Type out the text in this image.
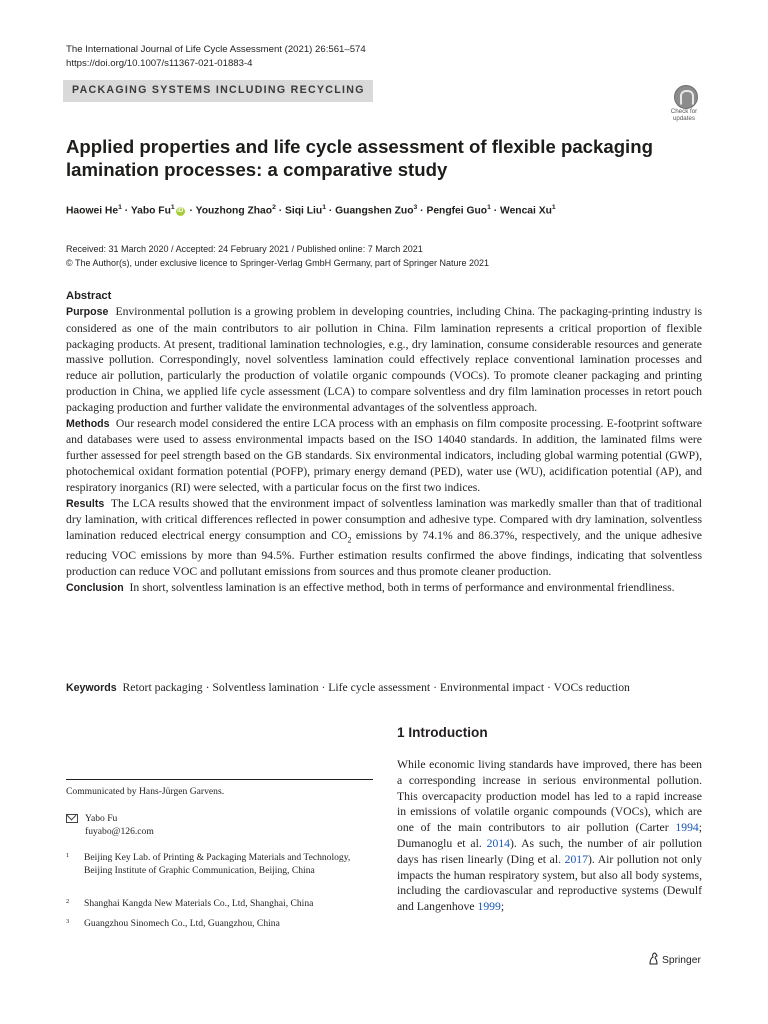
The International Journal of Life Cycle Assessment (2021) 26:561–574
https://doi.org/10.1007/s11367-021-01883-4
PACKAGING SYSTEMS INCLUDING RECYCLING
Check for updates
Applied properties and life cycle assessment of flexible packaging lamination processes: a comparative study
Haowei $He^1$ · Yabo $Fu^1iD$ · Youzhong Zhao$^2$ · Siqi Liu$^1$ · Guangshen Zuo$^3$ · Pengfei Guo$^1$ · Wencai Xu$^1$
Received: 31 March 2020 / Accepted: 24 February 2021 / Published online: 7 March 2021
© The Author(s), under exclusive licence to Springer-Verlag GmbH Germany, part of Springer Nature 2021
Abstract

Purpose Environmental pollution is a growing problem in developing countries, including China. The packaging-printing industry is considered as one of the main contributors to air pollution in China. Film lamination represents a critical proportion of flexible packaging products. At present, traditional lamination technologies, e.g., dry lamination, consume considerable resources and generate massive pollution. Correspondingly, novel solventless lamination could effectively replace conventional lamination processes and reduce air pollution, particularly the production of volatile organic compounds (VOCs). To promote cleaner packaging and printing production in China, we applied life cycle assessment (LCA) to compare solventless and dry film lamination processes in retort pouch packaging production and further validate the environmental advantages of the solventless approach.

Methods Our research model considered the entire LCA process with an emphasis on film composite processing. E-footprint software and databases were used to assess environmental impacts based on the ISO 14040 standards. In addition, the laminated films were further assessed for peel strength based on the GB standards. Six environmental indicators, including global warming potential (GWP), photochemical oxidant formation potential (POFP), primary energy demand (PED), water use (WU), acidification potential (AP), and respiratory inorganics (RI) were selected, with a particular focus on the first two indices.

Results The LCA results showed that the environment impact of solventless lamination was markedly smaller than that of traditional dry lamination, with critical differences reflected in power consumption and adhesive type. Compared with dry lamination, solventless lamination reduced electrical energy consumption and $CO_2$ emissions by 74.1% and 86.37%, respectively, and the unique adhesive reducing VOC emissions by more than 94.5%. Further estimation results confirmed the above findings, indicating that solventless production can reduce VOC and pollutant emissions from sources and thus promote cleaner production.

Conclusion In short, solventless lamination is an effective method, both in terms of performance and environmental friendliness.

Keywords Retort packaging · Solventless lamination · Life cycle assessment · Environmental impact · VOCs reduction
1 Introduction
While economic living standards have improved, there has been a corresponding increase in serious environmental pollution. This overcapacity production model has led to a rapid increase in emissions of volatile organic compounds (VOCs), which are one of the main contributors to air pollution (Carter 1994; Dumanoglu et al. 2014). As such, the number of air pollution days has risen linearly (Ding et al. 2017). Air pollution not only impacts the human respiratory system, but also all body systems, including the cardiovascular and reproductive systems (Dewulf and Langenhove 1999;
Communicated by Hans-Jürgen Garvens.
Yabo Fu
fuyabo@126.com
1 Beijing Key Lab. of Printing & Packaging Materials and Technology, Beijing Institute of Graphic Communication, Beijing, China
2 Shanghai Kangda New Materials Co., Ltd, Shanghai, China
3 Guangzhou Sinomech Co., Ltd, Guangzhou, China
Springer
